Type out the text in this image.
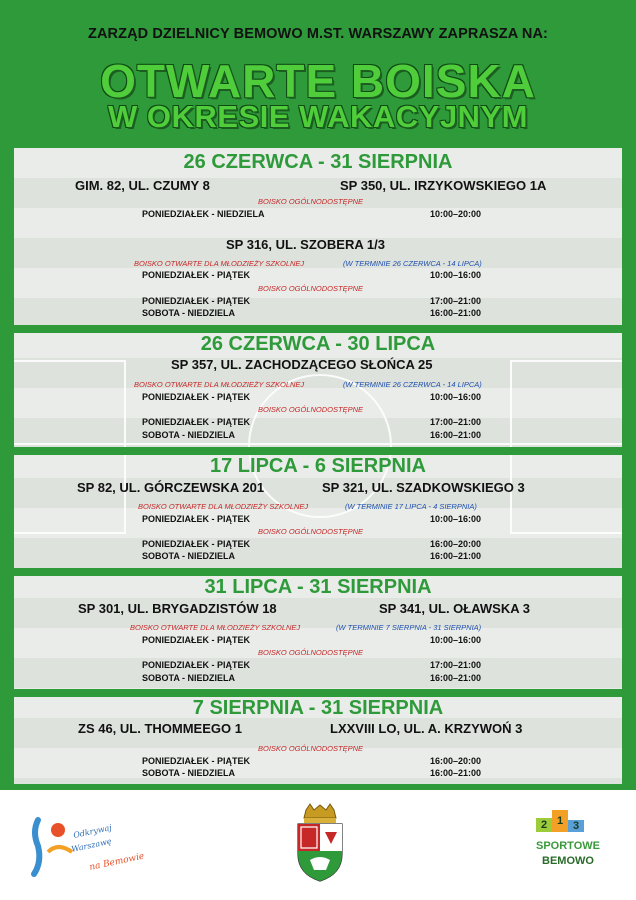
ZARZĄD DZIELNICY BEMOWO M.ST. WARSZAWY ZAPRASZA NA:
OTWARTE BOISKA
W OKRESIE WAKACYJNYM
26 CZERWCA - 31 SIERPNIA
GIM. 82, UL. CZUMY 8	SP 350, UL. IRZYKOWSKIEGO 1A
BOISKO OGÓLNODOSTĘPNE
PONIEDZIAŁEK - NIEDZIELA	10:00–20:00
SP 316, UL. SZOBERA 1/3
BOISKO OTWARTE DLA MŁODZIEŻY SZKOLNEJ	(W TERMINIE 26 CZERWCA - 14 LIPCA)
PONIEDZIAŁEK - PIĄTEK	10:00–16:00
BOISKO OGÓLNODOSTĘPNE
PONIEDZIAŁEK - PIĄTEK	17:00–21:00
SOBOTA - NIEDZIELA	16:00–21:00
26 CZERWCA - 30 LIPCA
SP 357, UL. ZACHODZĄCEGO SŁOŃCA 25
BOISKO OTWARTE DLA MŁODZIEŻY SZKOLNEJ	(W TERMINIE 26 CZERWCA - 14 LIPCA)
PONIEDZIAŁEK - PIĄTEK	10:00–16:00
BOISKO OGÓLNODOSTĘPNE
PONIEDZIAŁEK - PIĄTEK	17:00–21:00
SOBOTA - NIEDZIELA	16:00–21:00
17 LIPCA - 6 SIERPNIA
SP 82, UL. GÓRCZEWSKA 201	SP 321, UL. SZADKOWSKIEGO 3
BOISKO OTWARTE DLA MŁODZIEŻY SZKOLNEJ	(W TERMINIE 17 LIPCA - 4 SIERPNIA)
PONIEDZIAŁEK - PIĄTEK	10:00–16:00
BOISKO OGÓLNODOSTĘPNE
PONIEDZIAŁEK - PIĄTEK	16:00–20:00
SOBOTA - NIEDZIELA	16:00–21:00
31 LIPCA - 31 SIERPNIA
SP 301, UL. BRYGADZISTÓW 18	SP 341, UL. OŁAWSKA 3
BOISKO OTWARTE DLA MŁODZIEŻY SZKOLNEJ	(W TERMINIE 7 SIERPNIA - 31 SIERPNIA)
PONIEDZIAŁEK - PIĄTEK	10:00–16:00
BOISKO OGÓLNODOSTĘPNE
PONIEDZIAŁEK - PIĄTEK	17:00–21:00
SOBOTA - NIEDZIELA	16:00–21:00
7 SIERPNIA - 31 SIERPNIA
ZS 46, UL. THOMMEEGO 1	LXXVIII LO, UL. A. KRZYWOŃ 3
BOISKO OGÓLNODOSTĘPNE
PONIEDZIAŁEK - PIĄTEK	16:00–20:00
SOBOTA - NIEDZIELA	16:00–21:00
Odkrywaj
Warszawę
na Bemowie
1
2	3
SPORTOWE
BEMOWO
